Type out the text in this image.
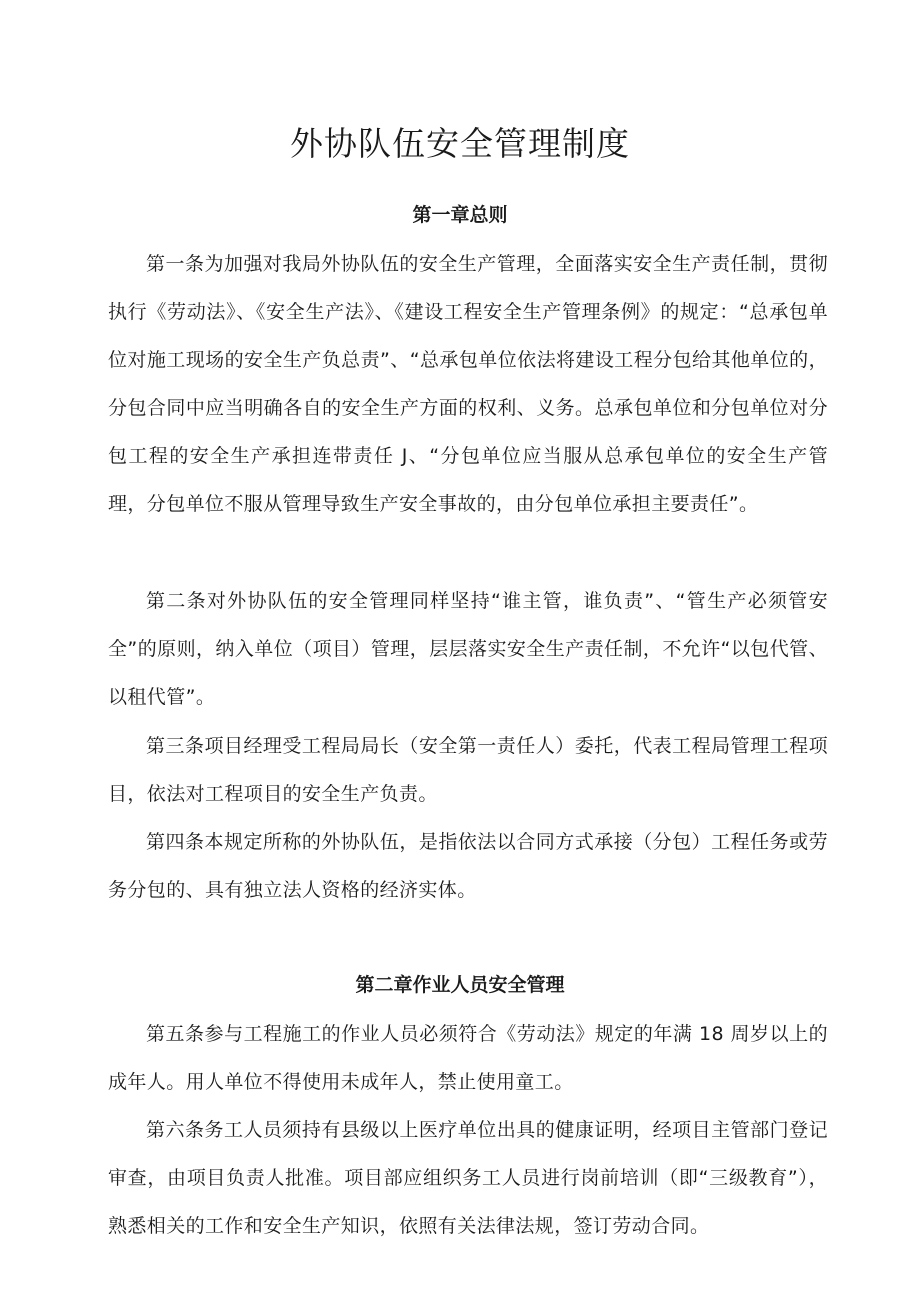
外协队伍安全管理制度
第一章总则

第一条为加强对我局外协队伍的安全生产管理，全面落实安全生产责任制，贯彻执行《劳动法》、《安全生产法》、《建设工程安全生产管理条例》的规定：“总承包单位对施工现场的安全生产负总责”、“总承包单位依法将建设工程分包给其他单位的，分包合同中应当明确各自的安全生产方面的权利、义务。总承包单位和分包单位对分包工程的安全生产承担连带责任 J、“分包单位应当服从总承包单位的安全生产管理，分包单位不服从管理导致生产安全事故的，由分包单位承担主要责任”。

第二条对外协队伍的安全管理同样坚持“谁主管，谁负责”、“管生产必须管安全”的原则，纳入单位（项目）管理，层层落实安全生产责任制，不允许“以包代管、以租代管”。

第三条项目经理受工程局局长（安全第一责任人）委托，代表工程局管理工程项目，依法对工程项目的安全生产负责。

第四条本规定所称的外协队伍，是指依法以合同方式承接（分包）工程任务或劳务分包的、具有独立法人资格的经济实体。

第二章作业人员安全管理

第五条参与工程施工的作业人员必须符合《劳动法》规定的年满 18 周岁以上的成年人。用人单位不得使用未成年人，禁止使用童工。

第六条务工人员须持有县级以上医疗单位出具的健康证明，经项目主管部门登记审查，由项目负责人批准。项目部应组织务工人员进行岗前培训（即“三级教育”），熟悉相关的工作和安全生产知识，依照有关法律法规，签订劳动合同。
